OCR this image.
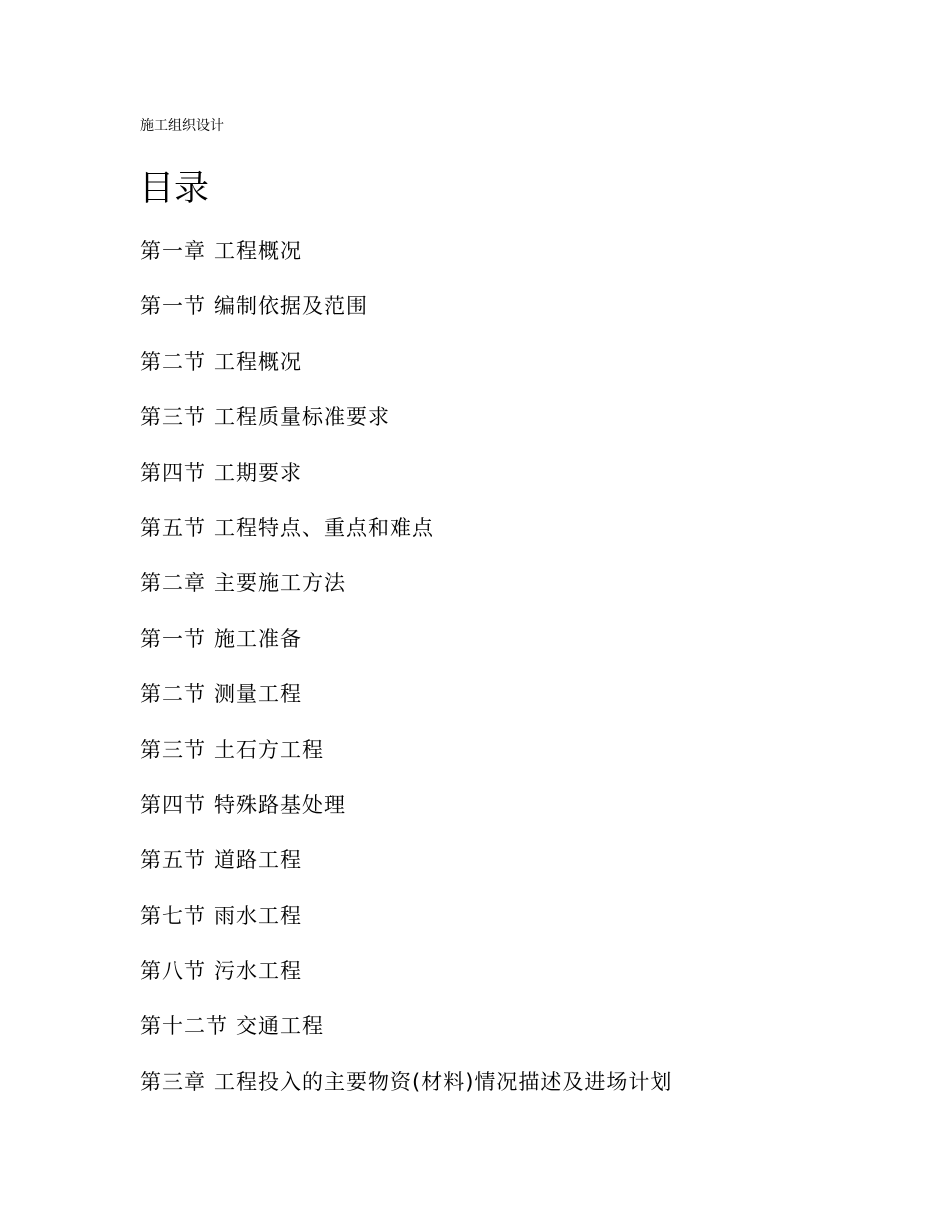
施工组织设计
目录
第一章 工程概况
第一节 编制依据及范围
第二节 工程概况
第三节 工程质量标准要求
第四节 工期要求
第五节 工程特点、重点和难点
第二章 主要施工方法
第一节 施工准备
第二节 测量工程
第三节 土石方工程
第四节 特殊路基处理
第五节 道路工程
第七节 雨水工程
第八节 污水工程
第十二节 交通工程
第三章 工程投入的主要物资(材料)情况描述及进场计划
